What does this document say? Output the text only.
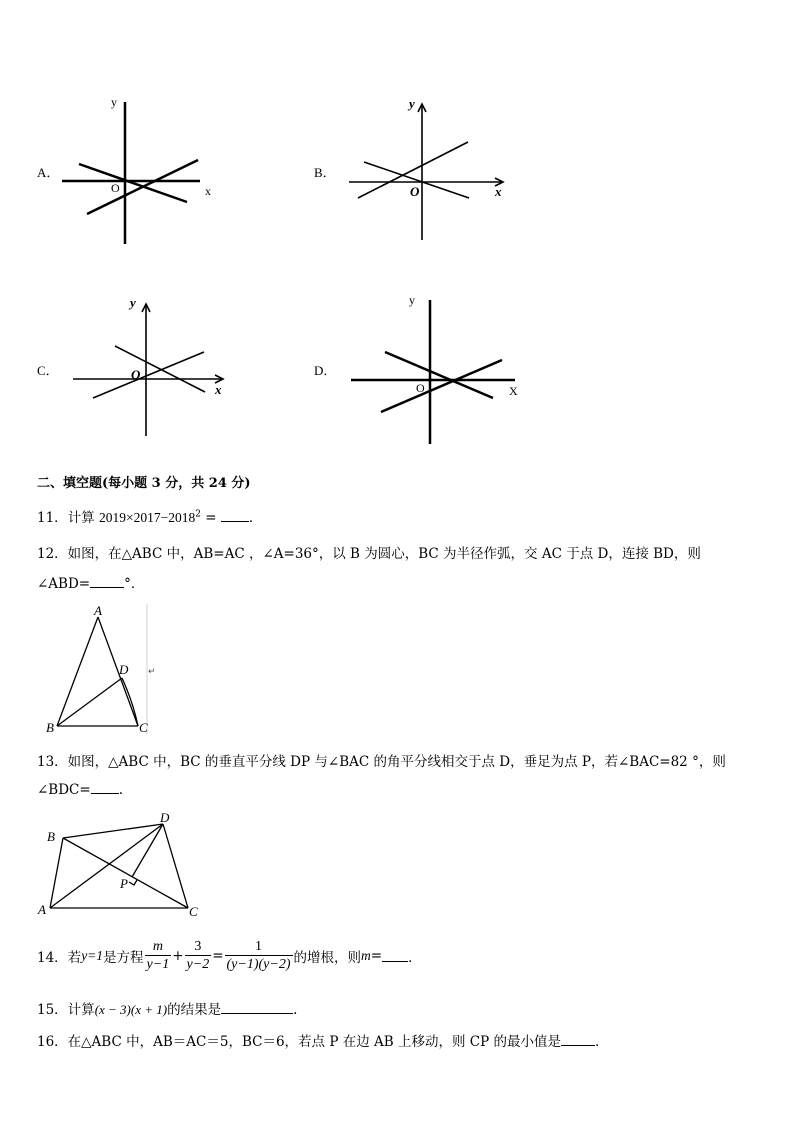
A．
y
x
O
B．
y
x
O
C．
y
x
O	D．
y
X
O
二、填空题(每小题 3 分，共 24 分)
11．计算 $2019\times 2017-2018^2$ = ．
12．如图，在△ABC 中，AB=AC ，∠A=36°，以 B 为圆心，BC 为半径作弧，交 AC 于点 D，连接 BD，则
∠ABD=	°．
A
B	C
D ↵
13．如图，△ABC 中，BC 的垂直平分线 DP 与∠BAC 的角平分线相交于点 D，垂足为点 P，若∠BAC=82 °，则
∠BDC= .
B
A
D
C
P
14．若 y=1 是方程 $\frac{m}{y-1} + \frac{3}{y-2} = \frac{1}{(y-1)(y-2)}$ 的增根，则 m = ．
15．计算(x − 3)(x + 1)的结果是	.
16．在△ABC 中，AB＝AC＝5，BC＝6，若点 P 在边 AB 上移动，则 CP 的最小值是	．
